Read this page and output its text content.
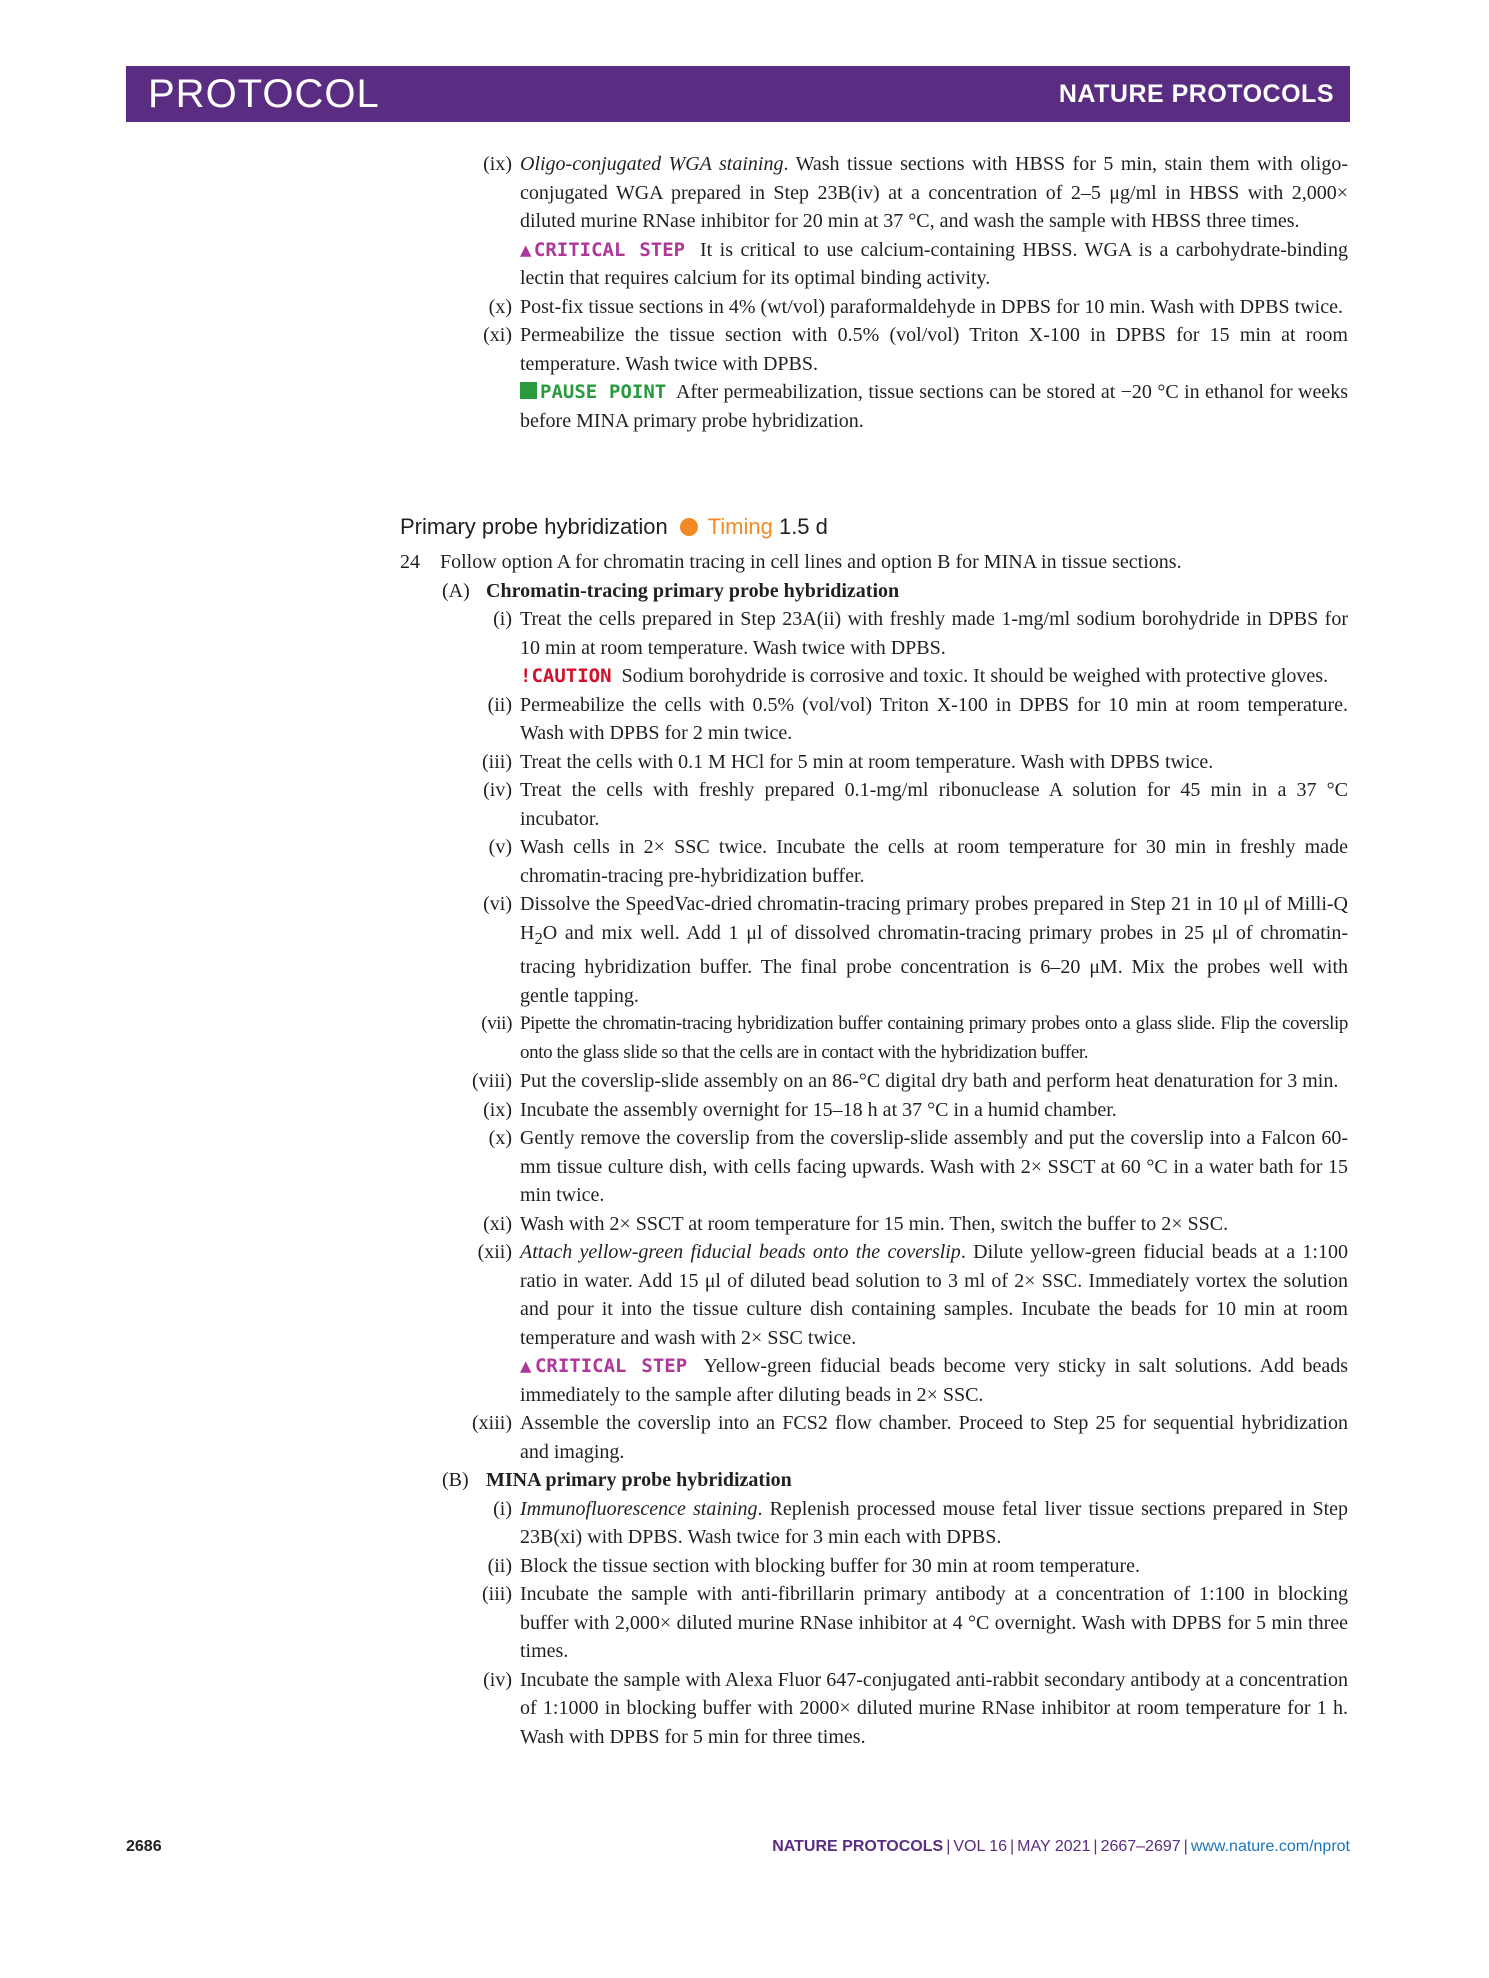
PROTOCOL	NATURE PROTOCOLS
(ix) Oligo-conjugated WGA staining. Wash tissue sections with HBSS for 5 min, stain them with oligo-conjugated WGA prepared in Step 23B(iv) at a concentration of 2–5 μg/ml in HBSS with 2,000× diluted murine RNase inhibitor for 20 min at 37 °C, and wash the sample with HBSS three times.
▲CRITICAL STEP It is critical to use calcium-containing HBSS. WGA is a carbohydrate-binding lectin that requires calcium for its optimal binding activity.
(x) Post-fix tissue sections in 4% (wt/vol) paraformaldehyde in DPBS for 10 min. Wash with DPBS twice.
(xi) Permeabilize the tissue section with 0.5% (vol/vol) Triton X-100 in DPBS for 15 min at room temperature. Wash twice with DPBS.
PAUSE POINT After permeabilization, tissue sections can be stored at −20 °C in ethanol for weeks before MINA primary probe hybridization.
Primary probe hybridization Timing 1.5 d
24 Follow option A for chromatin tracing in cell lines and option B for MINA in tissue sections.
(A) Chromatin-tracing primary probe hybridization
(i) Treat the cells prepared in Step 23A(ii) with freshly made 1-mg/ml sodium borohydride in DPBS for 10 min at room temperature. Wash twice with DPBS.
!CAUTION Sodium borohydride is corrosive and toxic. It should be weighed with protective gloves.
(ii) Permeabilize the cells with 0.5% (vol/vol) Triton X-100 in DPBS for 10 min at room temperature. Wash with DPBS for 2 min twice.
(iii) Treat the cells with 0.1 M HCl for 5 min at room temperature. Wash with DPBS twice.
(iv) Treat the cells with freshly prepared 0.1-mg/ml ribonuclease A solution for 45 min in a 37 °C incubator.
(v) Wash cells in 2× SSC twice. Incubate the cells at room temperature for 30 min in freshly made chromatin-tracing pre-hybridization buffer.
(vi) Dissolve the SpeedVac-dried chromatin-tracing primary probes prepared in Step 21 in 10 μl of Milli-Q $H_2O$ and mix well. Add 1 μl of dissolved chromatin-tracing primary probes in 25 μl of chromatin-tracing hybridization buffer. The final probe concentration is 6–20 μM. Mix the probes well with gentle tapping.
(vii) Pipette the chromatin-tracing hybridization buffer containing primary probes onto a glass slide. Flip the coverslip onto the glass slide so that the cells are in contact with the hybridization buffer.
(viii) Put the coverslip-slide assembly on an 86-°C digital dry bath and perform heat denaturation for 3 min.
(ix) Incubate the assembly overnight for 15–18 h at 37 °C in a humid chamber.
(x) Gently remove the coverslip from the coverslip-slide assembly and put the coverslip into a Falcon 60-mm tissue culture dish, with cells facing upwards. Wash with 2× SSCT at 60 °C in a water bath for 15 min twice.
(xi) Wash with 2× SSCT at room temperature for 15 min. Then, switch the buffer to 2× SSC.
(xii) Attach yellow-green fiducial beads onto the coverslip. Dilute yellow-green fiducial beads at a 1:100 ratio in water. Add 15 μl of diluted bead solution to 3 ml of 2× SSC. Immediately vortex the solution and pour it into the tissue culture dish containing samples. Incubate the beads for 10 min at room temperature and wash with 2× SSC twice.
▲CRITICAL STEP Yellow-green fiducial beads become very sticky in salt solutions. Add beads immediately to the sample after diluting beads in 2× SSC.
(xiii) Assemble the coverslip into an FCS2 flow chamber. Proceed to Step 25 for sequential hybridization and imaging.
(B) MINA primary probe hybridization
(i) Immunofluorescence staining. Replenish processed mouse fetal liver tissue sections prepared in Step 23B(xi) with DPBS. Wash twice for 3 min each with DPBS.
(ii) Block the tissue section with blocking buffer for 30 min at room temperature.
(iii) Incubate the sample with anti-fibrillarin primary antibody at a concentration of 1:100 in blocking buffer with 2,000× diluted murine RNase inhibitor at 4 °C overnight. Wash with DPBS for 5 min three times.
(iv) Incubate the sample with Alexa Fluor 647-conjugated anti-rabbit secondary antibody at a concentration of 1:1000 in blocking buffer with 2000× diluted murine RNase inhibitor at room temperature for 1 h. Wash with DPBS for 5 min for three times.
2686	NATURE PROTOCOLS | VOL 16 | MAY 2021 | 2667–2697 | www.nature.com/nprot
